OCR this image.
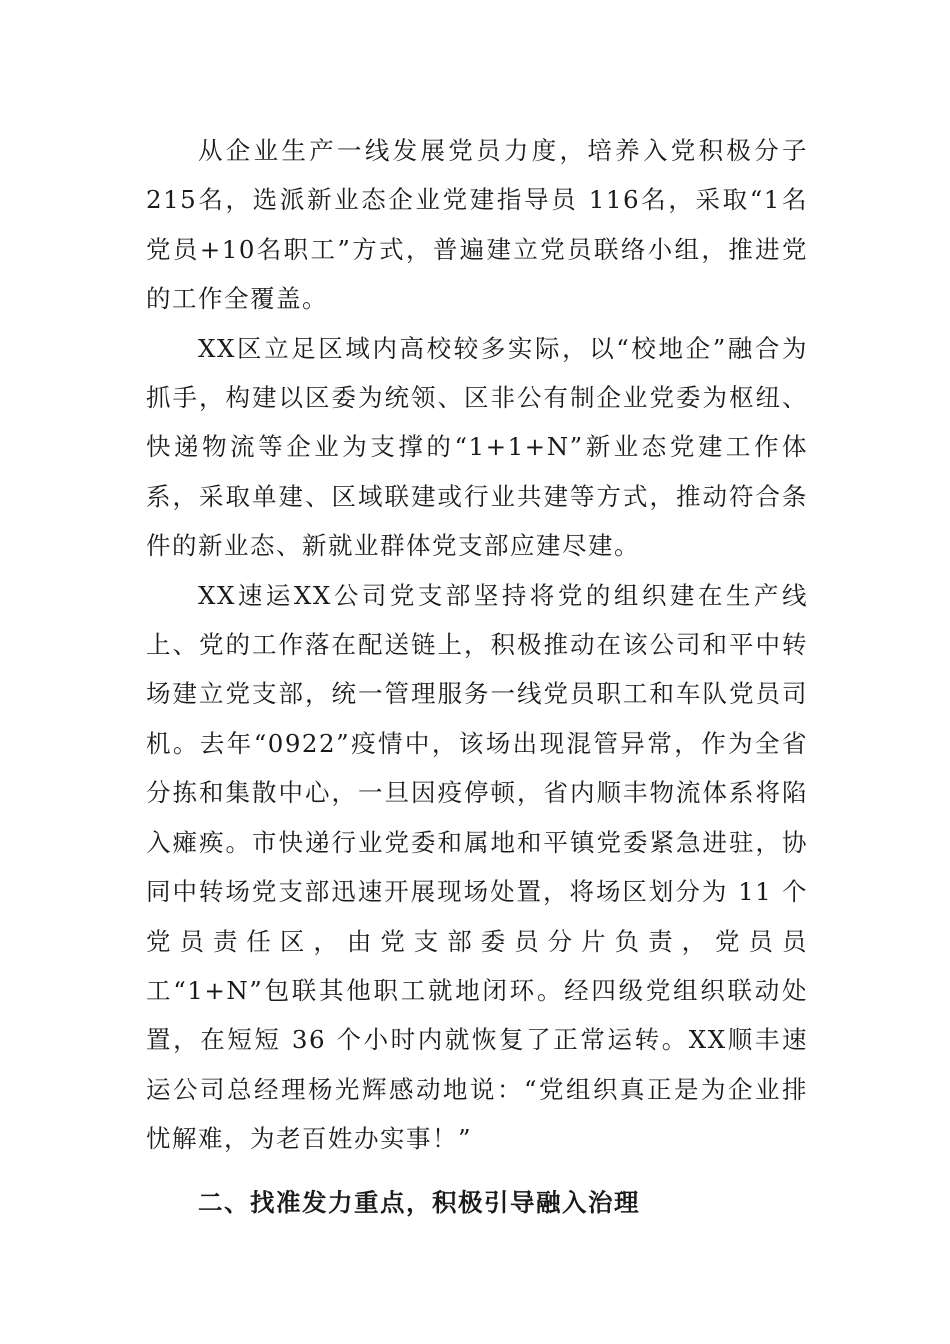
从企业生产一线发展党员力度，培养入党积极分子215名，选派新业态企业党建指导员 116名，采取“1名党员+10名职工”方式，普遍建立党员联络小组，推进党的工作全覆盖。

XX区立足区域内高校较多实际，以“校地企”融合为抓手，构建以区委为统领、区非公有制企业党委为枢纽、快递物流等企业为支撑的“1+1+N”新业态党建工作体系，采取单建、区域联建或行业共建等方式，推动符合条件的新业态、新就业群体党支部应建尽建。

XX速运XX公司党支部坚持将党的组织建在生产线上、党的工作落在配送链上，积极推动在该公司和平中转场建立党支部，统一管理服务一线党员职工和车队党员司机。去年“0922”疫情中，该场出现混管异常，作为全省分拣和集散中心，一旦因疫停顿，省内顺丰物流体系将陷入瘫痪。市快递行业党委和属地和平镇党委紧急进驻，协同中转场党支部迅速开展现场处置，将场区划分为 11 个党员责任区，由党支部委员分片负责，党员员工“1+N”包联其他职工就地闭环。经四级党组织联动处置，在短短 36 个小时内就恢复了正常运转。XX顺丰速运公司总经理杨光辉感动地说：“党组织真正是为企业排忧解难，为老百姓办实事！”

二、找准发力重点，积极引导融入治理
